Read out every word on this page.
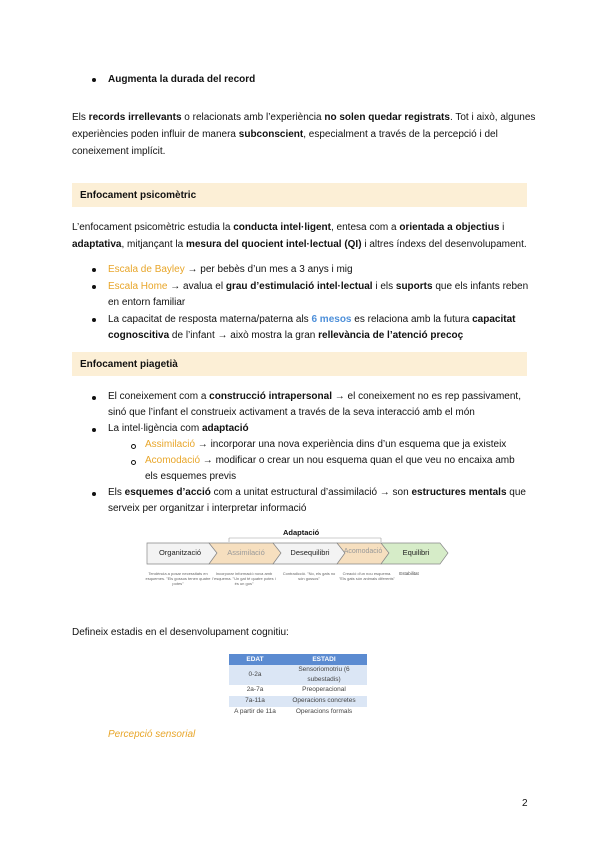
Augmenta la durada del record
Els records irrellevants o relacionats amb l’experiència no solen quedar registrats. Tot i això, algunes
experiències poden influir de manera subconscient, especialment a través de la percepció i del
coneixement implícit.
Enfocament psicomètric
L’enfocament psicomètric estudia la conducta intel·ligent, entesa com a orientada a objectius i
adaptativa, mitjançant la mesura del quocient intel·lectual (QI) i altres índexs del desenvolupament.
Escala de Bayley → per bebès d’un mes a 3 anys i mig
Escala Home → avalua el grau d’estimulació intel·lectual i els suports que els infants reben
en entorn familiar
La capacitat de resposta materna/paterna als 6 mesos es relaciona amb la futura capacitat
cognoscitiva de l’infant → això mostra la gran rellevància de l’atenció precoç
Enfocament piagetià
El coneixement com a construcció intrapersonal → el coneixement no es rep passivament,
sinó que l’infant el construeix activament a través de la seva interacció amb el món
La intel·ligència com adaptació
Assimilació → incorporar una nova experiència dins d’un esquema que ja existeix
Acomodació → modificar o crear un nou esquema quan el que veu no encaixa amb
els esquemes previs
Els esquemes d’acció com a unitat estructural d’assimilació → son estructures mentals que
serveix per organitzar i interpretar informació
Adaptació
Organització	Assimilació	Desequilibri	Acomodació	Equilibri
Tendència a posar necessitats en esquemes. "Els gossos tenen quatre potes"
Incorporar informació nova amb l'esquema. "Un gat té quatre potes i és un gos"
Contradicció. "No, els gats no són gossos"
Creació d'un nou esquema. "Els gats són animals diferents"
Estabilitat
Defineix estadis en el desenvolupament cognitiu:
EDAT	ESTADI
0-2a	Sensoriomotriu (6 subestadis)
2a-7a	Preoperacional
7a-11a	Operacions concretes
A partir de 11a	Operacions formals
Percepció sensorial
2
